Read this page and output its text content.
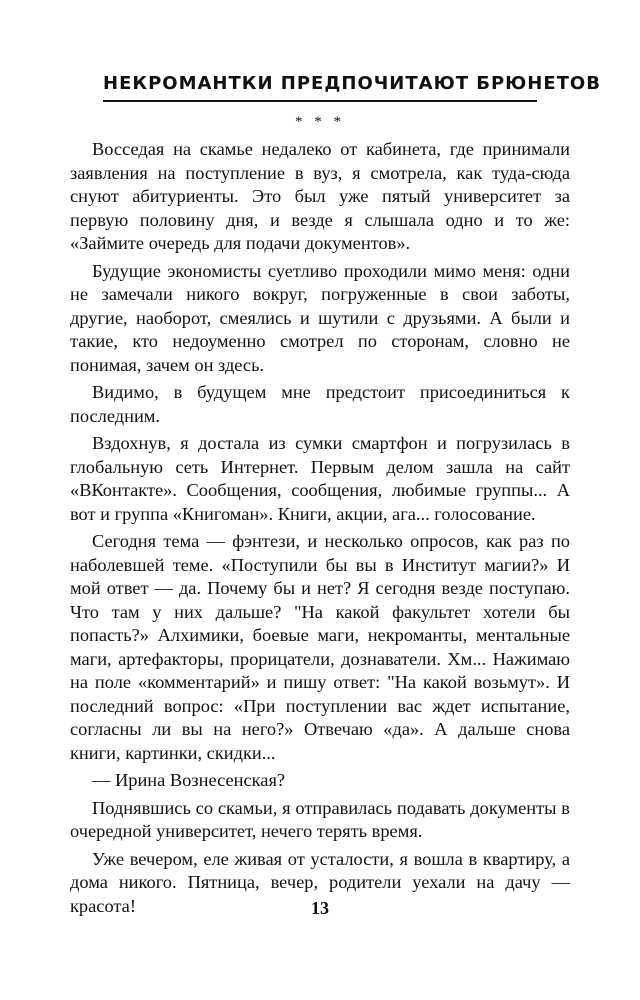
НЕКРОМАНТКИ ПРЕДПОЧИТАЮТ БРЮНЕТОВ
* * *

Восседая на скамье недалеко от кабинета, где принимали заявления на поступление в вуз, я смотрела, как туда-сюда снуют абитуриенты. Это был уже пятый университет за первую половину дня, и везде я слышала одно и то же: «Займите очередь для подачи документов».

Будущие экономисты суетливо проходили мимо меня: одни не замечали никого вокруг, погруженные в свои заботы, другие, наоборот, смеялись и шутили с друзьями. А были и такие, кто недоуменно смотрел по сторонам, словно не понимая, зачем он здесь.

Видимо, в будущем мне предстоит присоединиться к последним.

Вздохнув, я достала из сумки смартфон и погрузилась в глобальную сеть Интернет. Первым делом зашла на сайт «ВКонтакте». Сообщения, сообщения, любимые группы... А вот и группа «Книгоман». Книги, акции, ага... голосование.

Сегодня тема — фэнтези, и несколько опросов, как раз по наболевшей теме. «Поступили бы вы в Институт магии?» И мой ответ — да. Почему бы и нет? Я сегодня везде поступаю. Что там у них дальше? "На какой факультет хотели бы попасть?» Алхимики, боевые маги, некроманты, ментальные маги, артефакторы, прорицатели, дознаватели. Хм... Нажимаю на поле «комментарий» и пишу ответ: "На какой возьмут». И последний вопрос: «При поступлении вас ждет испытание, согласны ли вы на него?» Отвечаю «да». А дальше снова книги, картинки, скидки...

— Ирина Вознесенская?

Поднявшись со скамьи, я отправилась подавать документы в очередной университет, нечего терять время.

Уже вечером, еле живая от усталости, я вошла в квартиру, а дома никого. Пятница, вечер, родители уехали на дачу — красота!	13
